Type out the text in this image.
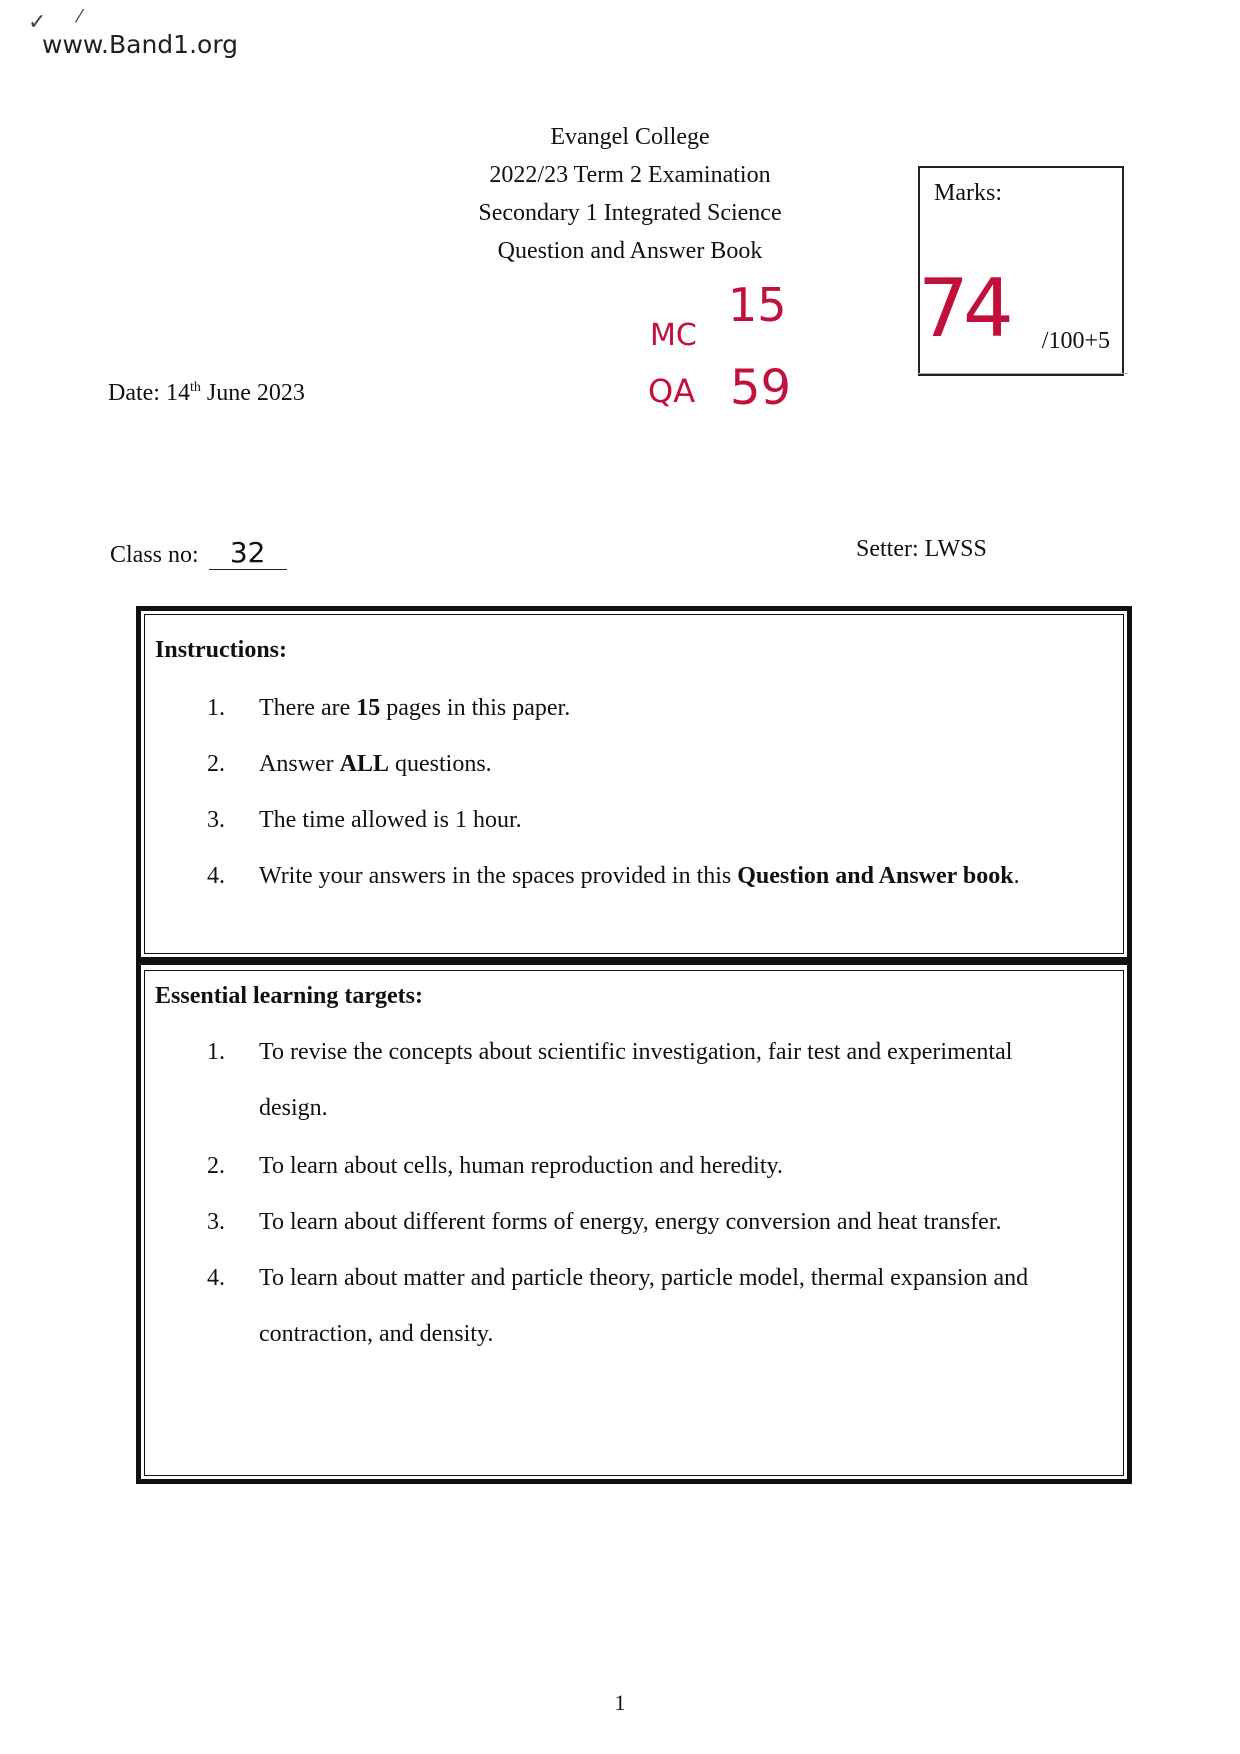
✓ ⁄
www.Band1.org
Evangel College
2022/23 Term 2 Examination
Secondary 1 Integrated Science
Question and Answer Book
Marks:
/100+5
74
MC
15
QA 59
Date: 14th June 2023
Class no: 32	Setter: LWSS
Instructions:
1.	There are 15 pages in this paper.
2.	Answer ALL questions.
3.	The time allowed is 1 hour.
4.	Write your answers in the spaces provided in this Question and Answer book.
Essential learning targets:
1.	To revise the concepts about scientific investigation, fair test and experimental
design.
2.	To learn about cells, human reproduction and heredity.
3.	To learn about different forms of energy, energy conversion and heat transfer.
4.	To learn about matter and particle theory, particle model, thermal expansion and
contraction, and density.
1
